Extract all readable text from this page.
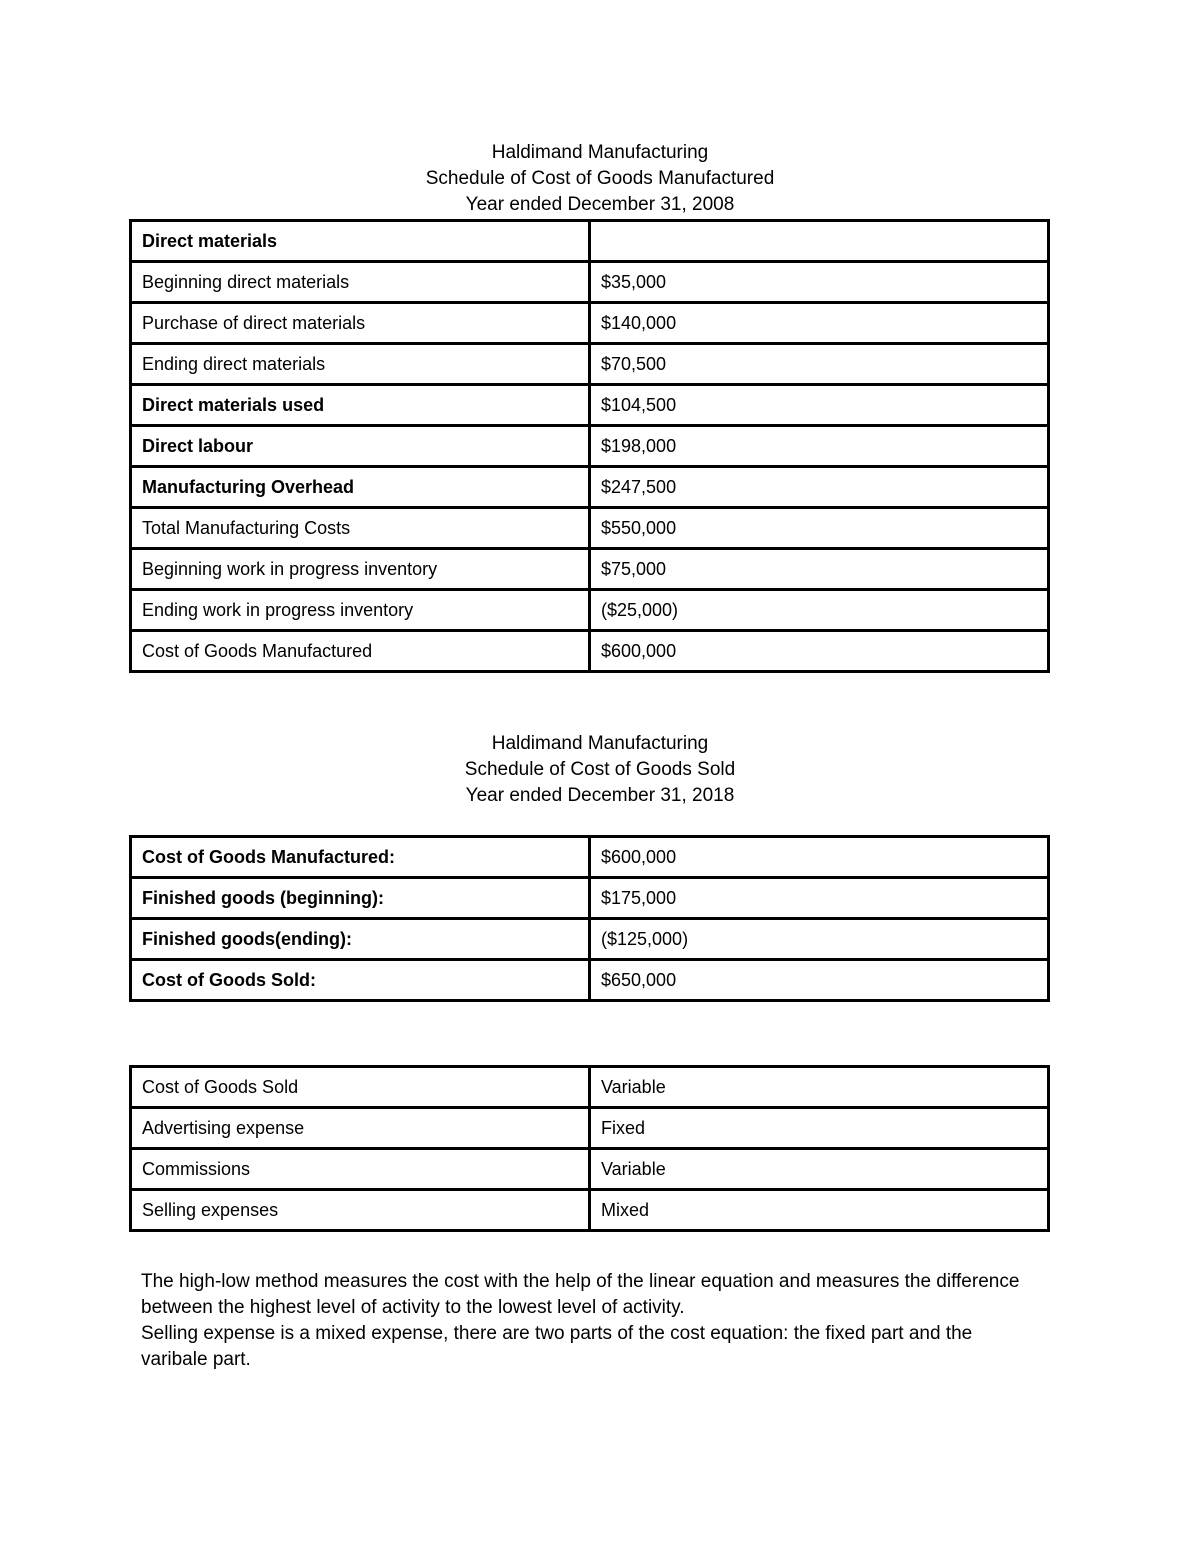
Haldimand Manufacturing
Schedule of Cost of Goods Manufactured
Year ended December 31, 2008
Direct materials	
Beginning direct materials	$35,000
Purchase of direct materials	$140,000
Ending direct materials	$70,500
Direct materials used	$104,500
Direct labour	$198,000
Manufacturing Overhead	$247,500
Total Manufacturing Costs	$550,000
Beginning work in progress inventory	$75,000
Ending work in progress inventory	($25,000)
Cost of Goods Manufactured	$600,000
Haldimand Manufacturing
Schedule of Cost of Goods Sold
Year ended December 31, 2018
Cost of Goods Manufactured:	$600,000
Finished goods (beginning):	$175,000
Finished goods(ending):	($125,000)
Cost of Goods Sold:	$650,000
Cost of Goods Sold	Variable
Advertising expense	Fixed
Commissions	Variable
Selling expenses	Mixed
The high-low method measures the cost with the help of the linear equation and measures the difference
between the highest level of activity to the lowest level of activity.
Selling expense is a mixed expense, there are two parts of the cost equation: the fixed part and the
varibale part.
